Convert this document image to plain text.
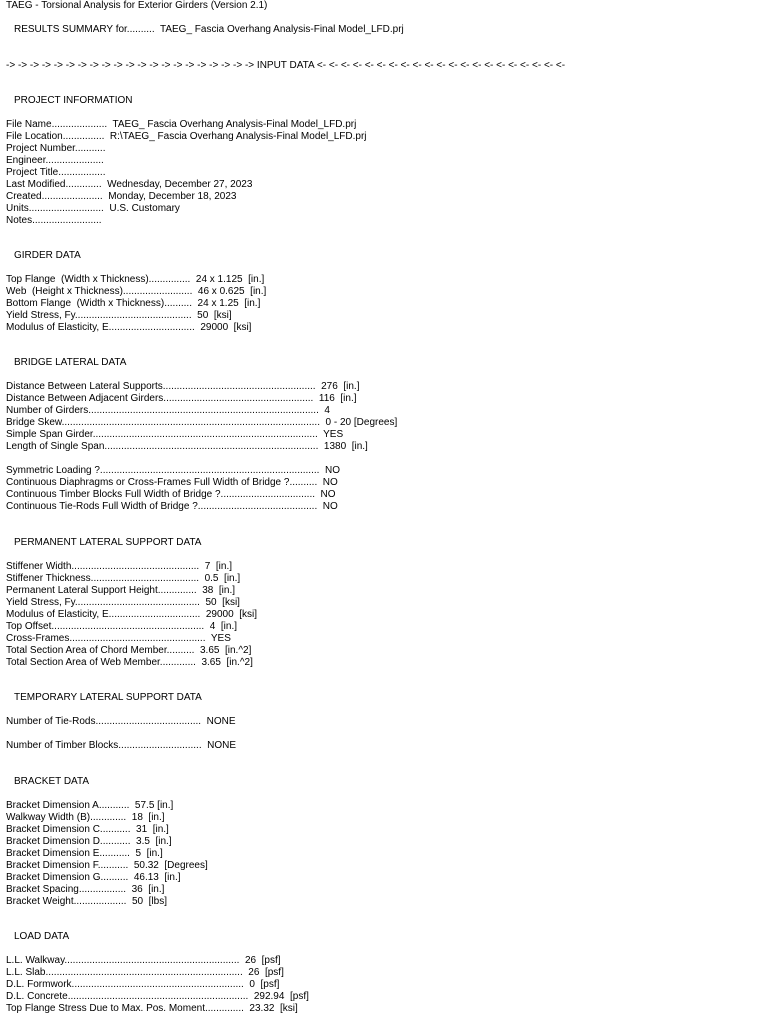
TAEG - Torsional Analysis for Exterior Girders (Version 2.1)
RESULTS SUMMARY for..........  TAEG_ Fascia Overhang Analysis-Final Model_LFD.prj
-> -> -> -> -> -> -> -> -> -> -> -> -> -> -> -> -> -> -> -> -> INPUT DATA <- <- <- <- <- <- <- <- <- <- <- <- <- <- <- <- <- <- <- <- <-
PROJECT INFORMATION
File Name....................  TAEG_ Fascia Overhang Analysis-Final Model_LFD.prj
File Location...............  R:\TAEG_ Fascia Overhang Analysis-Final Model_LFD.prj
Project Number...........
Engineer.....................
Project Title.................
Last Modified.............  Wednesday, December 27, 2023
Created......................  Monday, December 18, 2023
Units...........................  U.S. Customary
Notes.........................
GIRDER DATA
Top Flange  (Width x Thickness)...............  24 x 1.125  [in.]
Web  (Height x Thickness).........................  46 x 0.625  [in.]
Bottom Flange  (Width x Thickness)..........  24 x 1.25  [in.]
Yield Stress, Fy..........................................  50  [ksi]
Modulus of Elasticity, E...............................  29000  [ksi]
BRIDGE LATERAL DATA
Distance Between Lateral Supports.......................................................  276  [in.]
Distance Between Adjacent Girders......................................................  116  [in.]
Number of Girders...................................................................................  4
Bridge Skew.............................................................................................  0 - 20 [Degrees]
Simple Span Girder.................................................................................  YES
Length of Single Span.............................................................................  1380  [in.]
Symmetric Loading ?...............................................................................  NO
Continuous Diaphragms or Cross-Frames Full Width of Bridge ?..........  NO
Continuous Timber Blocks Full Width of Bridge ?..................................  NO
Continuous Tie-Rods Full Width of Bridge ?...........................................  NO
PERMANENT LATERAL SUPPORT DATA
Stiffener Width..............................................  7  [in.]
Stiffener Thickness.......................................  0.5  [in.]
Permanent Lateral Support Height..............  38  [in.]
Yield Stress, Fy.............................................  50  [ksi]
Modulus of Elasticity, E.................................  29000  [ksi]
Top Offset.......................................................  4  [in.]
Cross-Frames.................................................  YES
Total Section Area of Chord Member..........  3.65  [in.^2]
Total Section Area of Web Member.............  3.65  [in.^2]
TEMPORARY LATERAL SUPPORT DATA
Number of Tie-Rods......................................  NONE
Number of Timber Blocks..............................  NONE
BRACKET DATA
Bracket Dimension A...........  57.5 [in.]
Walkway Width (B).............  18  [in.]
Bracket Dimension C...........  31  [in.]
Bracket Dimension D...........  3.5  [in.]
Bracket Dimension E...........  5  [in.]
Bracket Dimension F...........  50.32  [Degrees]
Bracket Dimension G..........  46.13  [in.]
Bracket Spacing.................  36  [in.]
Bracket Weight...................  50  [lbs]
LOAD DATA
L.L. Walkway...............................................................  26  [psf]
L.L. Slab.......................................................................  26  [psf]
D.L. Formwork..............................................................  0  [psf]
D.L. Concrete.................................................................  292.94  [psf]
Top Flange Stress Due to Max. Pos. Moment..............  23.32  [ksi]
